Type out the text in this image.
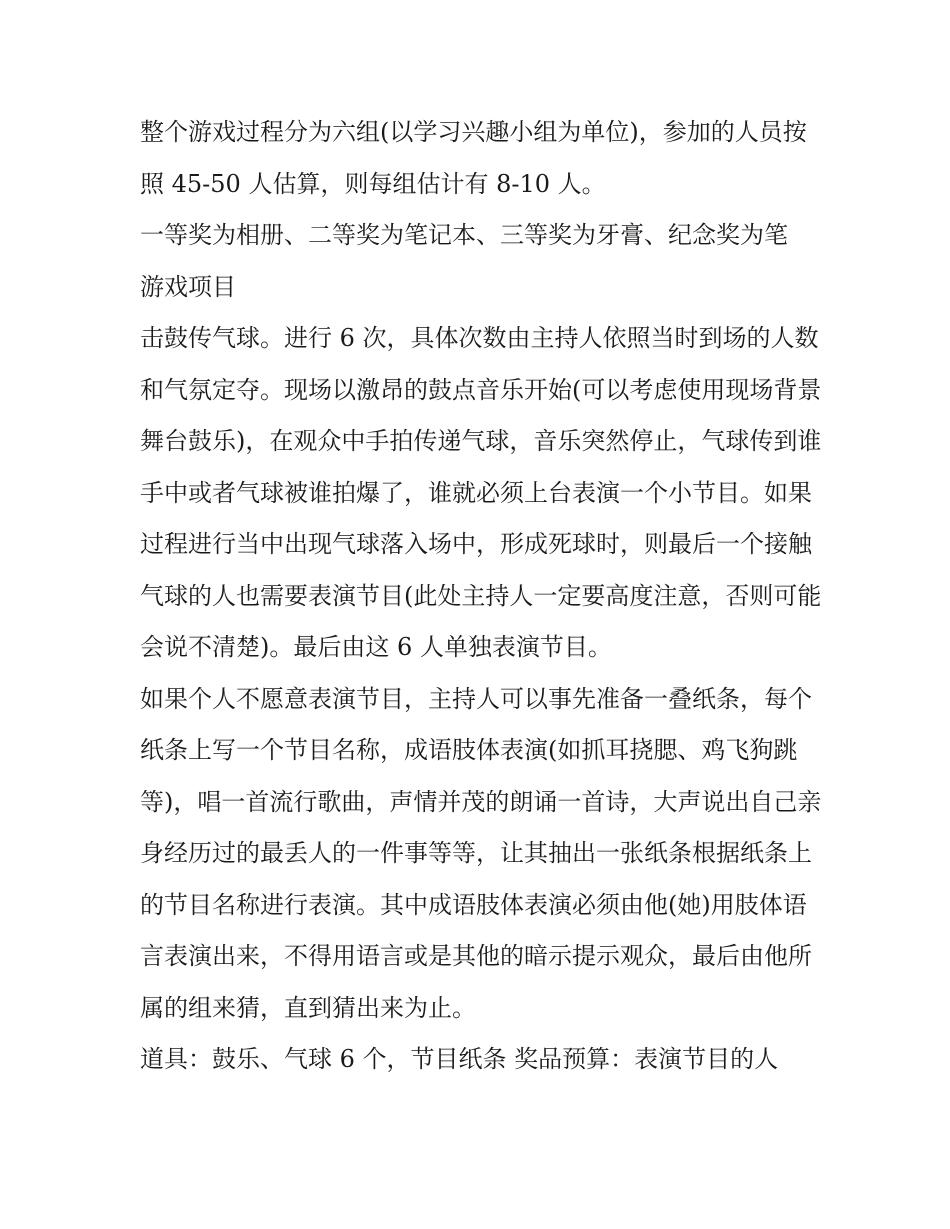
整个游戏过程分为六组(以学习兴趣小组为单位)，参加的人员按照 45-50 人估算，则每组估计有 8-10 人。

一等奖为相册、二等奖为笔记本、三等奖为牙膏、纪念奖为笔

游戏项目

击鼓传气球。进行 6 次，具体次数由主持人依照当时到场的人数和气氛定夺。现场以激昂的鼓点音乐开始(可以考虑使用现场背景舞台鼓乐)，在观众中手拍传递气球，音乐突然停止，气球传到谁手中或者气球被谁拍爆了，谁就必须上台表演一个小节目。如果过程进行当中出现气球落入场中，形成死球时，则最后一个接触气球的人也需要表演节目(此处主持人一定要高度注意，否则可能会说不清楚)。最后由这 6 人单独表演节目。

如果个人不愿意表演节目，主持人可以事先准备一叠纸条，每个纸条上写一个节目名称，成语肢体表演(如抓耳挠腮、鸡飞狗跳等)，唱一首流行歌曲，声情并茂的朗诵一首诗，大声说出自己亲身经历过的最丢人的一件事等等，让其抽出一张纸条根据纸条上的节目名称进行表演。其中成语肢体表演必须由他(她)用肢体语言表演出来，不得用语言或是其他的暗示提示观众，最后由他所属的组来猜，直到猜出来为止。

道具：鼓乐、气球 6 个，节目纸条 奖品预算：表演节目的人
